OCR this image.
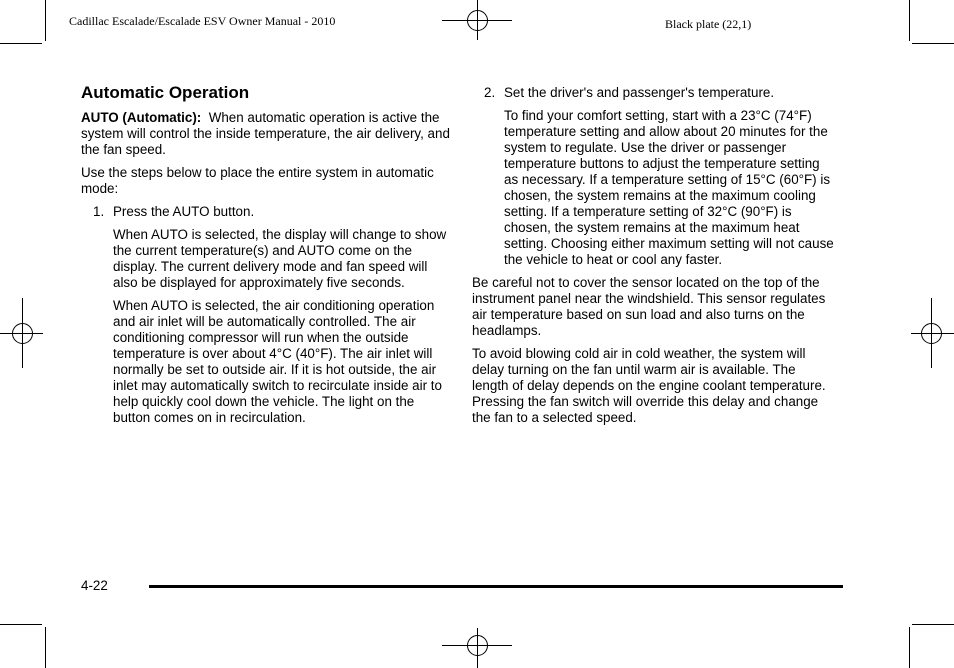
Cadillac Escalade/Escalade ESV Owner Manual - 2010	Black plate (22,1)
Automatic Operation

AUTO (Automatic): When automatic operation is active the system will control the inside temperature, the air delivery, and the fan speed.

Use the steps below to place the entire system in automatic mode:

1. Press the AUTO button.

When AUTO is selected, the display will change to show the current temperature(s) and AUTO come on the display. The current delivery mode and fan speed will also be displayed for approximately five seconds.

When AUTO is selected, the air conditioning operation and air inlet will be automatically controlled. The air conditioning compressor will run when the outside temperature is over about 4°C (40°F). The air inlet will normally be set to outside air. If it is hot outside, the air inlet may automatically switch to recirculate inside air to help quickly cool down the vehicle. The light on the button comes on in recirculation.

2. Set the driver's and passenger's temperature.

To find your comfort setting, start with a 23°C (74°F) temperature setting and allow about 20 minutes for the system to regulate. Use the driver or passenger temperature buttons to adjust the temperature setting as necessary. If a temperature setting of 15°C (60°F) is chosen, the system remains at the maximum cooling setting. If a temperature setting of 32°C (90°F) is chosen, the system remains at the maximum heat setting. Choosing either maximum setting will not cause the vehicle to heat or cool any faster.

Be careful not to cover the sensor located on the top of the instrument panel near the windshield. This sensor regulates air temperature based on sun load and also turns on the headlamps.

To avoid blowing cold air in cold weather, the system will delay turning on the fan until warm air is available. The length of delay depends on the engine coolant temperature. Pressing the fan switch will override this delay and change the fan to a selected speed.

4-22
